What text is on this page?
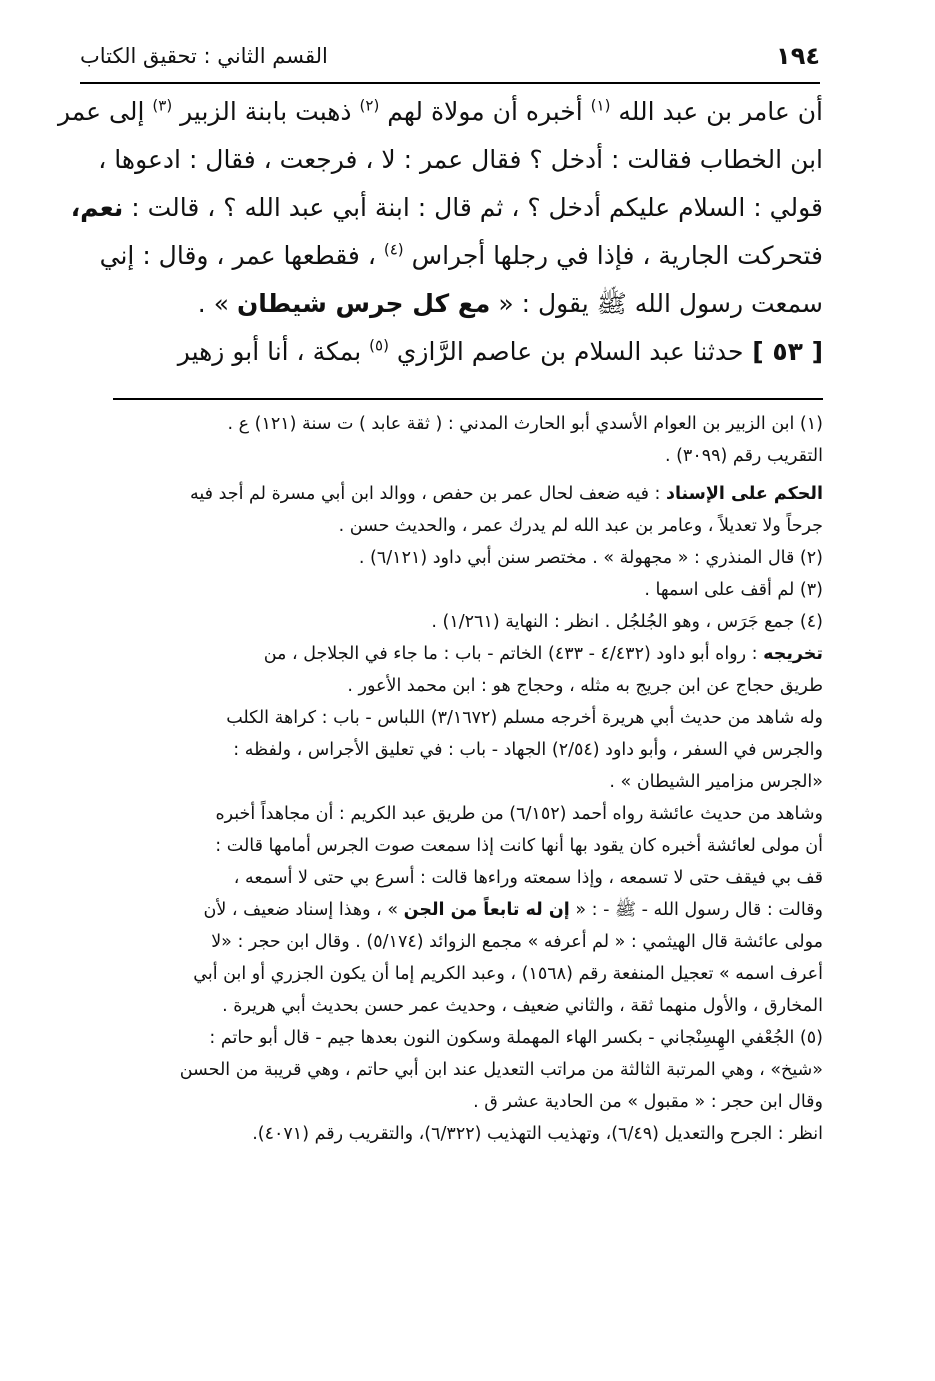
١٩٤
القسم الثاني : تحقيق الكتاب
أن عامر بن عبد الله $^{(١)}$ أخبره أن مولاة لهم $^{(٢)}$ ذهبت بابنة الزبير $^{(٣)}$ إلى عمر
ابن الخطاب فقالت : أدخل ؟ فقال عمر : لا ، فرجعت ، فقال : ادعوها ،
قولي : السلام عليكم أدخل ؟ ، ثم قال : ابنة أبي عبد الله ؟ ، قالت : نعم،
فتحركت الجارية ، فإذا في رجلها أجراس $^{(٤)}$ ، فقطعها عمر ، وقال : إني
سمعت رسول الله ﷺ يقول : « مع كل جرس شيطان » .
[ ٥٣ ] حدثنا عبد السلام بن عاصم الرَّازي $^{(٥)}$ بمكة ، أنا أبو زهير
(١) ابن الزبير بن العوام الأسدي أبو الحارث المدني : ( ثقة عابد ) ت سنة (١٢١) ع .
التقريب رقم (٣٠٩٩) .
الحكم على الإسناد : فيه ضعف لحال عمر بن حفص ، ووالد ابن أبي مسرة لم أجد فيه
جرحاً ولا تعديلاً ، وعامر بن عبد الله لم يدرك عمر ، والحديث حسن .
(٢) قال المنذري : « مجهولة » . مختصر سنن أبي داود (٦/١٢١) .
(٣) لم أقف على اسمها .
(٤) جمع جَرَس ، وهو الجُلجُل . انظر : النهاية (١/٢٦١) .
تخريجه : رواه أبو داود (٤/٤٣٢ - ٤٣٣) الخاتم - باب : ما جاء في الجلاجل ، من
طريق حجاج عن ابن جريج به مثله ، وحجاج هو : ابن محمد الأعور .
وله شاهد من حديث أبي هريرة أخرجه مسلم (٣/١٦٧٢) اللباس - باب : كراهة الكلب
والجرس في السفر ، وأبو داود (٢/٥٤) الجهاد - باب : في تعليق الأجراس ، ولفظه :
«الجرس مزامير الشيطان » .
وشاهد من حديث عائشة رواه أحمد (٦/١٥٢) من طريق عبد الكريم : أن مجاهداً أخبره
أن مولى لعائشة أخبره كان يقود بها أنها كانت إذا سمعت صوت الجرس أمامها قالت :
قف بي فيقف حتى لا تسمعه ، وإذا سمعته وراءها قالت : أسرع بي حتى لا أسمعه ،
وقالت : قال رسول الله - ﷺ - : « إن له تابعاً من الجن » ، وهذا إسناد ضعيف ، لأن
مولى عائشة قال الهيثمي : « لم أعرفه » مجمع الزوائد (٥/١٧٤) . وقال ابن حجر : «لا
أعرف اسمه » تعجيل المنفعة رقم (١٥٦٨) ، وعبد الكريم إما أن يكون الجزري أو ابن أبي
المخارق ، والأول منهما ثقة ، والثاني ضعيف ، وحديث عمر حسن بحديث أبي هريرة .
(٥) الجُعْفي الهِسِنْجاني - بكسر الهاء المهملة وسكون النون بعدها جيم - قال أبو حاتم :
«شيخ» ، وهي المرتبة الثالثة من مراتب التعديل عند ابن أبي حاتم ، وهي قريبة من الحسن
وقال ابن حجر : « مقبول » من الحادية عشر ق .
انظر : الجرح والتعديل (٦/٤٩)، وتهذيب التهذيب (٦/٣٢٢)، والتقريب رقم (٤٠٧١).
